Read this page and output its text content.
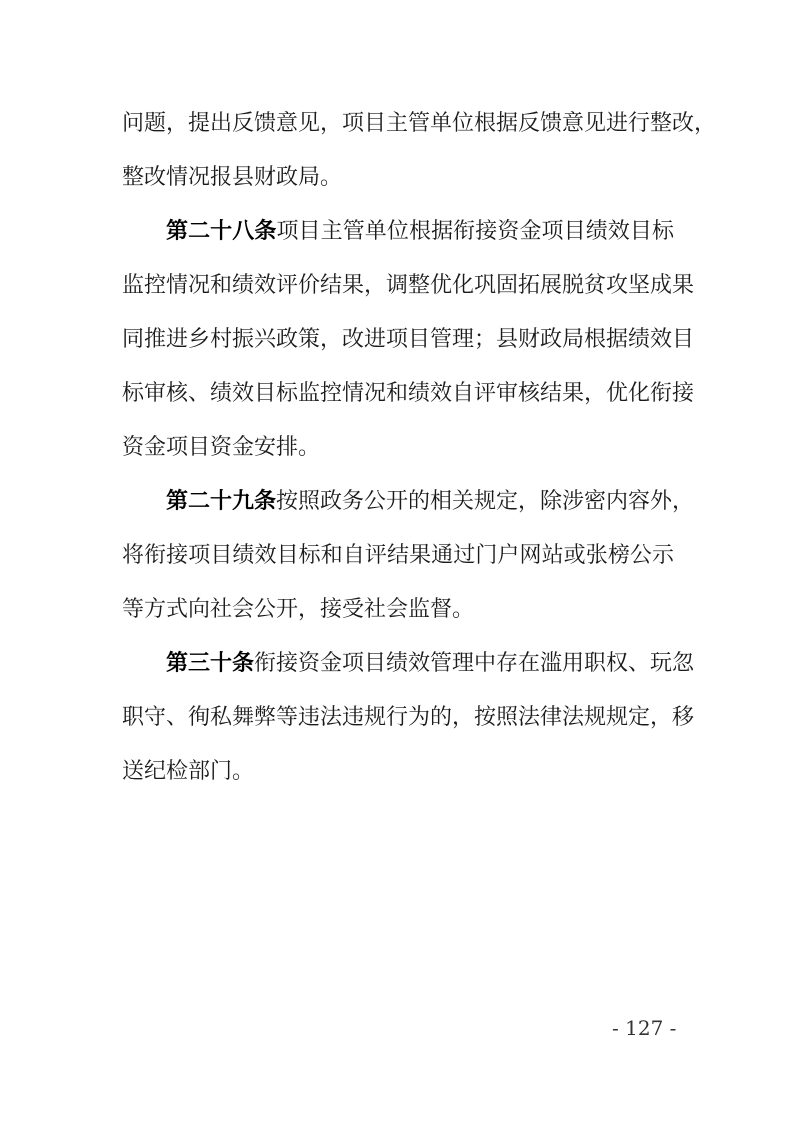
问题，提出反馈意见，项目主管单位根据反馈意见进行整改，
整改情况报县财政局。
第二十八条项目主管单位根据衔接资金项目绩效目标
监控情况和绩效评价结果，调整优化巩固拓展脱贫攻坚成果
同推进乡村振兴政策，改进项目管理；县财政局根据绩效目
标审核、绩效目标监控情况和绩效自评审核结果，优化衔接
资金项目资金安排。
第二十九条按照政务公开的相关规定，除涉密内容外，
将衔接项目绩效目标和自评结果通过门户网站或张榜公示
等方式向社会公开，接受社会监督。
第三十条衔接资金项目绩效管理中存在滥用职权、玩忽
职守、徇私舞弊等违法违规行为的，按照法律法规规定，移
送纪检部门。
- 127 -
